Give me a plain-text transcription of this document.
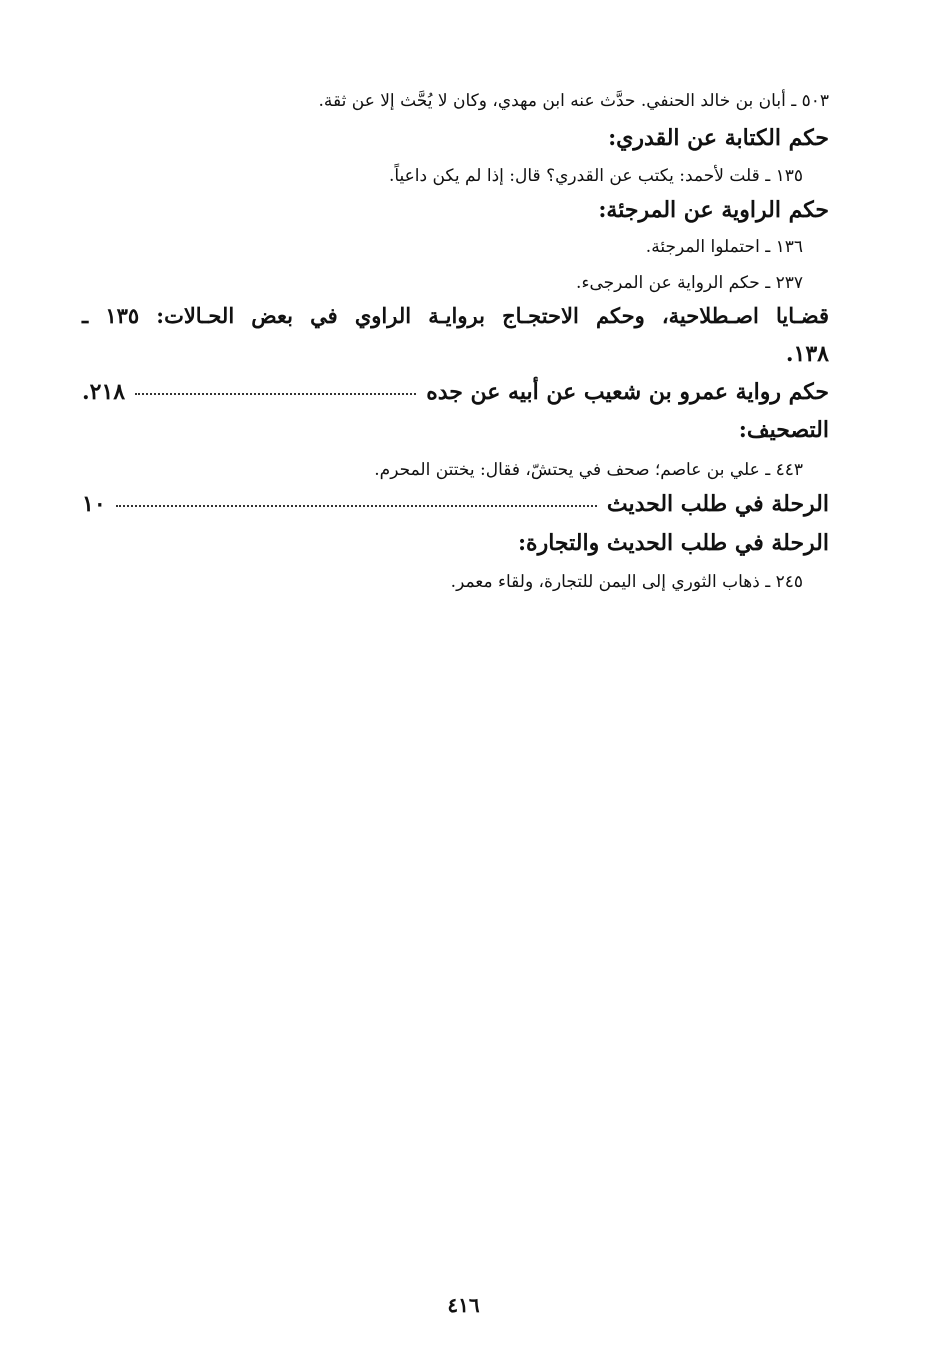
٥٠٣ ـ أبان بن خالد الحنفي. حدَّث عنه ابن مهدي، وكان لا يُحَّث إلا عن ثقة.
حكم الكتابة عن القدري:
١٣٥ ـ قلت لأحمد: يكتب عن القدري؟ قال: إذا لم يكن داعياً.
حكم الراوية عن المرجئة:
١٣٦ ـ احتملوا المرجئة.
٢٣٧ ـ حكم الرواية عن المرجىء.
قضـايا اصـطلاحية، وحكم الاحتجـاج بروايـة الراوي في بعض الحـالات: ١٣٥ ـ
١٣٨.
حكم رواية عمرو بن شعيب عن أبيه عن جده
٢١٨.
التصحيف:
٤٤٣ ـ علي بن عاصم؛ صحف في يحتشّ، فقال: يختتن المحرم.
الرحلة في طلب الحديث
١٠
الرحلة في طلب الحديث والتجارة:
٢٤٥ ـ ذهاب الثوري إلى اليمن للتجارة، ولقاء معمر.
٤١٦
